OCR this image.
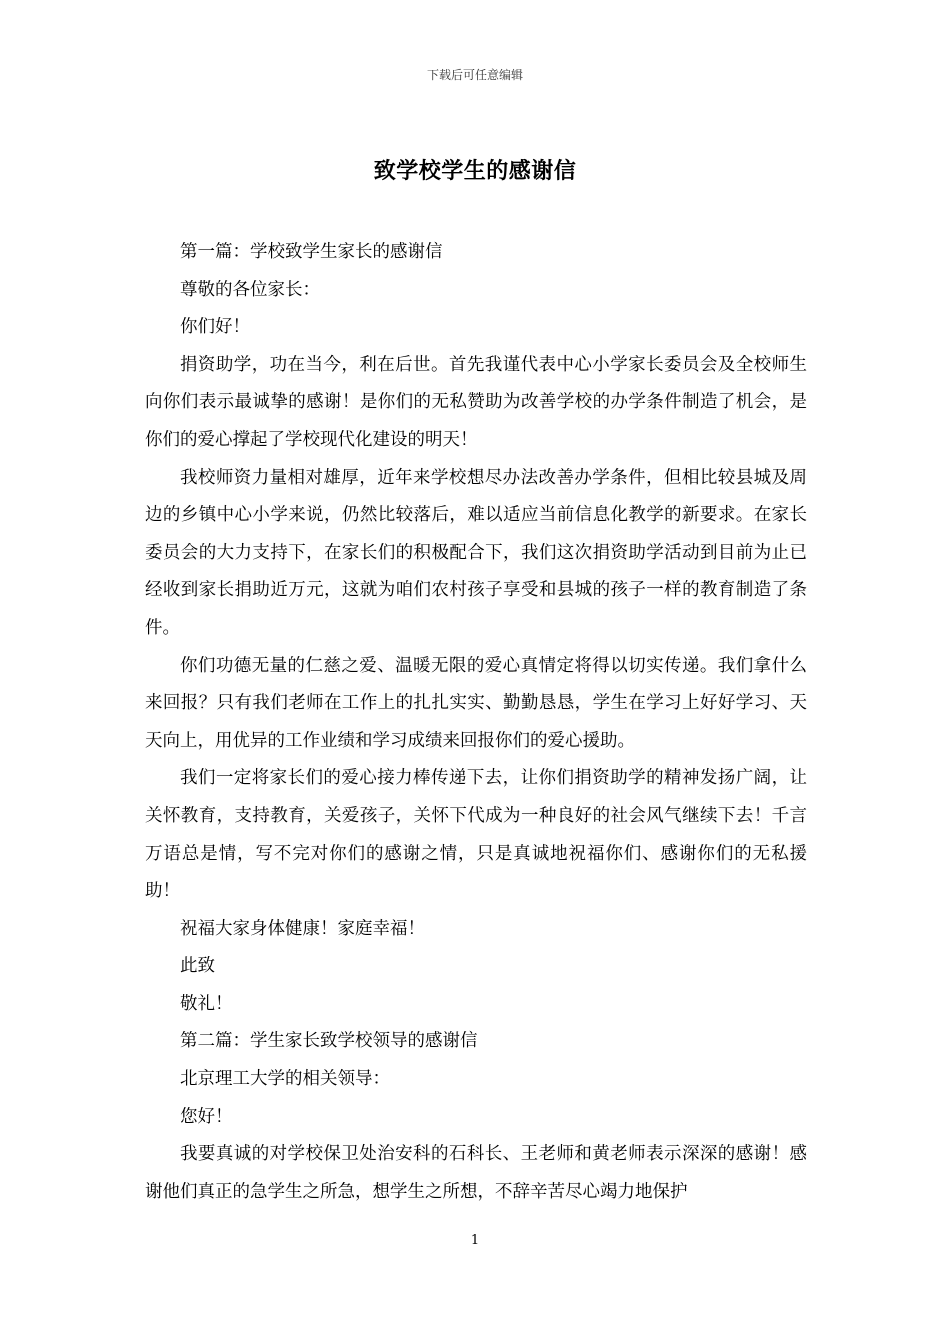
下载后可任意编辑
致学校学生的感谢信

第一篇：学校致学生家长的感谢信

尊敬的各位家长：

你们好！

捐资助学，功在当今，利在后世。首先我谨代表中心小学家长委员会及全校师生向你们表示最诚挚的感谢！是你们的无私赞助为改善学校的办学条件制造了机会，是你们的爱心撑起了学校现代化建设的明天！

我校师资力量相对雄厚，近年来学校想尽办法改善办学条件，但相比较县城及周边的乡镇中心小学来说，仍然比较落后，难以适应当前信息化教学的新要求。在家长委员会的大力支持下，在家长们的积极配合下，我们这次捐资助学活动到目前为止已经收到家长捐助近万元，这就为咱们农村孩子享受和县城的孩子一样的教育制造了条件。

你们功德无量的仁慈之爱、温暖无限的爱心真情定将得以切实传递。我们拿什么来回报？只有我们老师在工作上的扎扎实实、勤勤恳恳，学生在学习上好好学习、天天向上，用优异的工作业绩和学习成绩来回报你们的爱心援助。

我们一定将家长们的爱心接力棒传递下去，让你们捐资助学的精神发扬广阔，让关怀教育，支持教育，关爱孩子，关怀下代成为一种良好的社会风气继续下去！千言万语总是情，写不完对你们的感谢之情，只是真诚地祝福你们、感谢你们的无私援助！

祝福大家身体健康！家庭幸福！

此致

敬礼！

第二篇：学生家长致学校领导的感谢信

北京理工大学的相关领导：

您好！

我要真诚的对学校保卫处治安科的石科长、王老师和黄老师表示深深的感谢！感谢他们真正的急学生之所急，想学生之所想，不辞辛苦尽心竭力地保护

1
